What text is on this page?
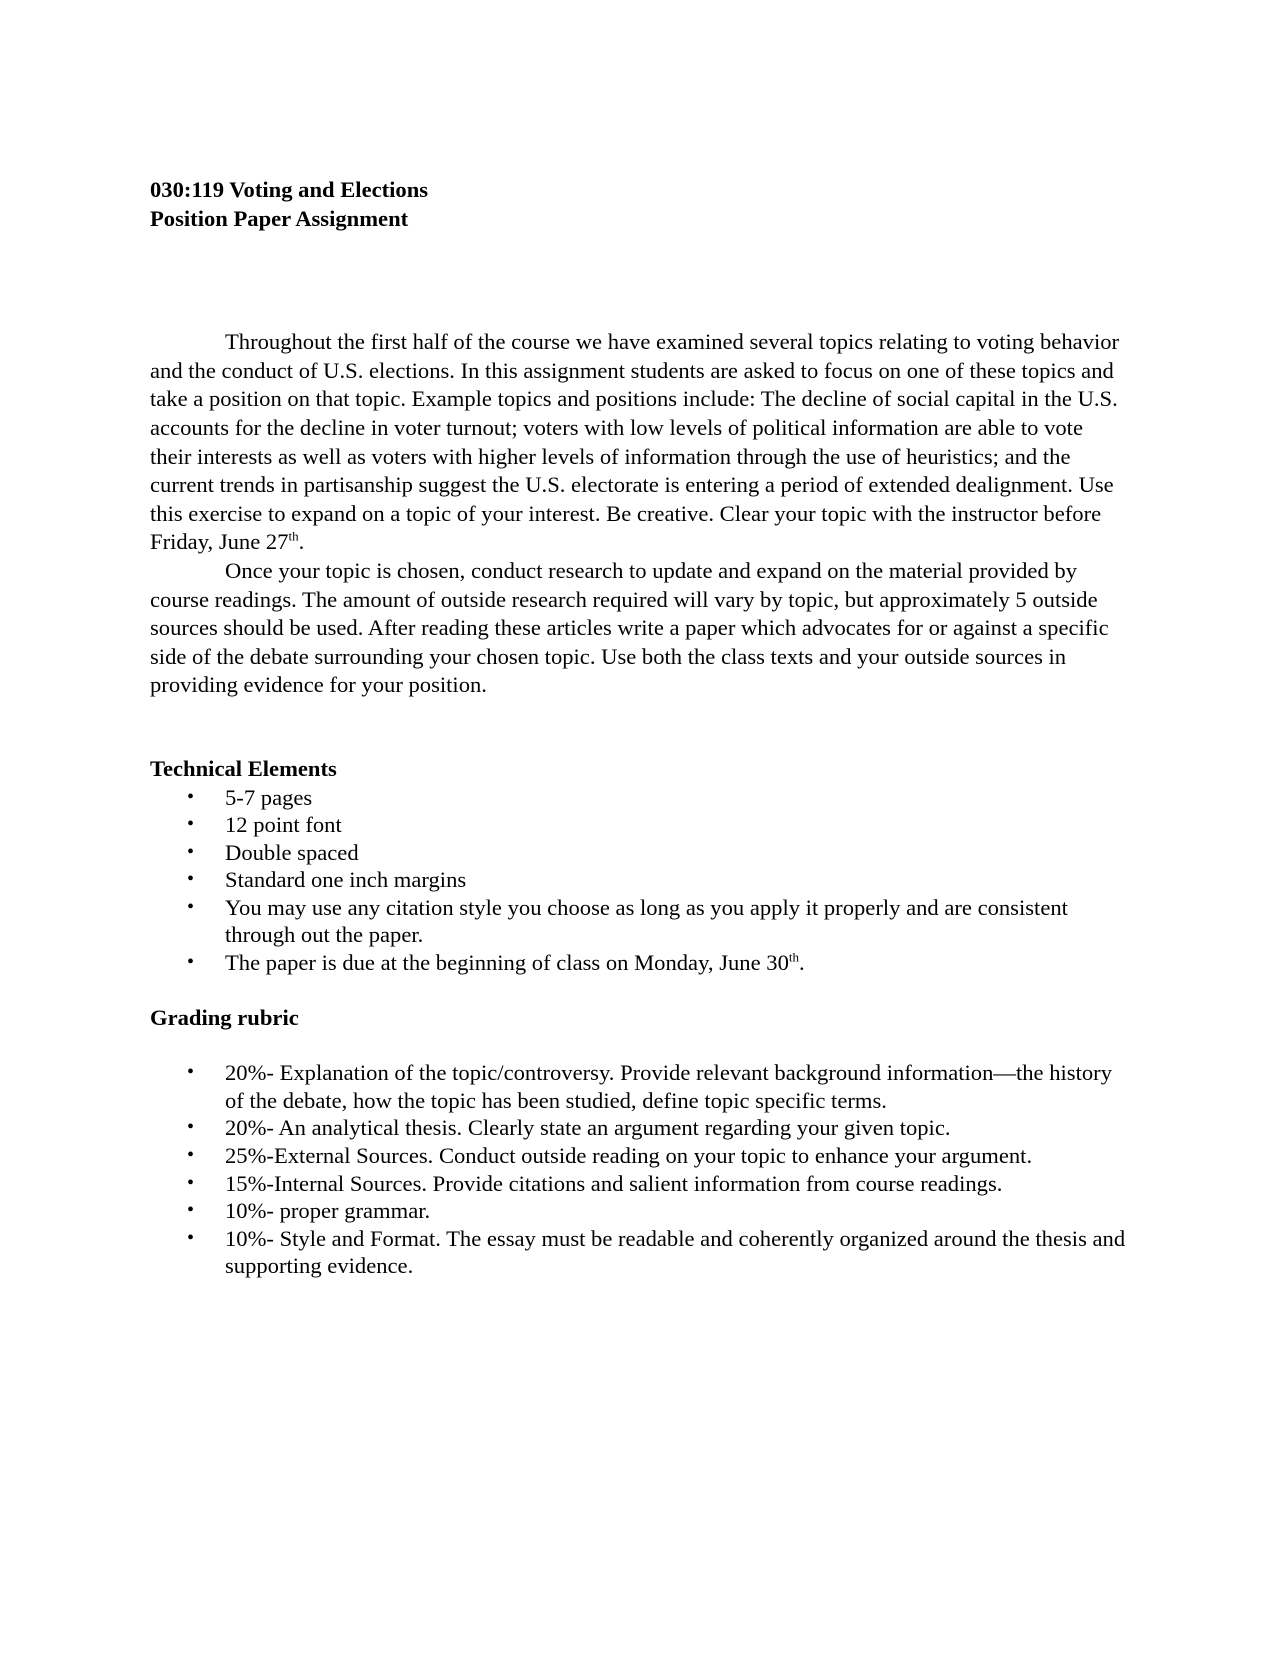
030:119 Voting and Elections
Position Paper Assignment

Throughout the first half of the course we have examined several topics relating to voting behavior and the conduct of U.S. elections. In this assignment students are asked to focus on one of these topics and take a position on that topic. Example topics and positions include: The decline of social capital in the U.S. accounts for the decline in voter turnout; voters with low levels of political information are able to vote their interests as well as voters with higher levels of information through the use of heuristics; and the current trends in partisanship suggest the U.S. electorate is entering a period of extended dealignment. Use this exercise to expand on a topic of your interest. Be creative. Clear your topic with the instructor before Friday, June 27th.

Once your topic is chosen, conduct research to update and expand on the material provided by course readings. The amount of outside research required will vary by topic, but approximately 5 outside sources should be used. After reading these articles write a paper which advocates for or against a specific side of the debate surrounding your chosen topic. Use both the class texts and your outside sources in providing evidence for your position.

Technical Elements
• 5-7 pages
• 12 point font
• Double spaced
• Standard one inch margins
• You may use any citation style you choose as long as you apply it properly and are consistent through out the paper.
• The paper is due at the beginning of class on Monday, June 30th.
Grading rubric
• 20%- Explanation of the topic/controversy. Provide relevant background information—the history of the debate, how the topic has been studied, define topic specific terms.
• 20%- An analytical thesis. Clearly state an argument regarding your given topic.
• 25%-External Sources. Conduct outside reading on your topic to enhance your argument.
• 15%-Internal Sources. Provide citations and salient information from course readings.
• 10%- proper grammar.
• 10%- Style and Format. The essay must be readable and coherently organized around the thesis and supporting evidence.
